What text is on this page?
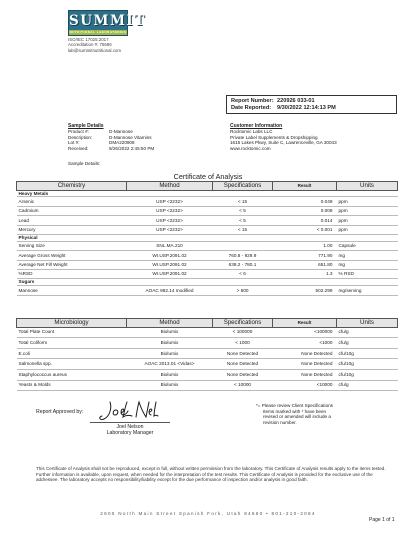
SUMMIT
NUTRITIONAL LABORATORIES
ISO/IEC 17025:2017
Accreditation #: 75696
lab@summitnutritional.com
Report Number: 220926 033-01
Date Reported: 9/30/2022 12:14:13 PM
Sample Details
Product #:	D-Mannose
Description:	D-Mannose Vitamins
Lot #:	DMA220908
Received:	9/26/2022 2:45:50 PM
Customer Information
Rocktomic Labs LLC
Private Label Supplements & Dropshipping
1615 Lakes Pkwy, Suite C, Lawrenceville, GA 30043
www.rocktomic.com
Sample Details:
Certificate of Analysis
Chemistry	Method	Specifications	Result	Units
Heavy Metals				
Arsenic	USP <2232>	< 15	0.049	ppm
Cadmium	USP <2232>	< 5	0.008	ppm
Lead	USP <2232>	< 5	0.014	ppm
Mercury	USP <2232>	< 15	< 0.001	ppm
Physical				
Serving Size	SNL.MA.210		1.00	Capsule
Average Gross Weight	WI.USP.2091.02	760.8 - 929.9	771.90	mg
Average Net Fill Weight	WI.USP.2091.02	638.2 - 780.1	651.80	mg
%RSD	WI.USP.2091.02	< 6	1.3	% RSD
Sugars				
Mannose	AOAC 982.14 modified	> 500	502.299	mg/serving
Microbiology	Method	Specifications	Result	Units
Total Plate Count	Biolumix	< 100000	<100000	cfu/g
Total Coliform	Biolumix	< 1000	<1000	cfu/g
E.coli	Biolumix	None Detected	None Detected	cfu/10g
Salmonella spp.	AOAC 2013.01 <Vidas>	None Detected	None Detected	cfu/10g
Staphylococcus aureus	Biolumix	None Detected	None Detected	cfu/10g
Yeasts & Molds	Biolumix	< 10000	<10000	cfu/g
Report Approved by:
Joel Nelson
Laboratory Manager
*= Please review Client Specifications
Items marked with * have been
revised or amended will include a
revision number.
This Certificate of Analysis shall not be reproduced, except in full, without written permission from the laboratory. This Certificate of Analysis results apply to the items tested. Further information is available, upon request, when needed for the interpretation of the test results. This Certificate of Analysis is provided for the exclusive use of the addressee. The laboratory accepts no responsibility/liability except for the due performance of inspection and/or analysis in good faith.
2600 North Main Street Spanish Fork, Utah 84660 • 801-210-2084
Page 1 of 1
